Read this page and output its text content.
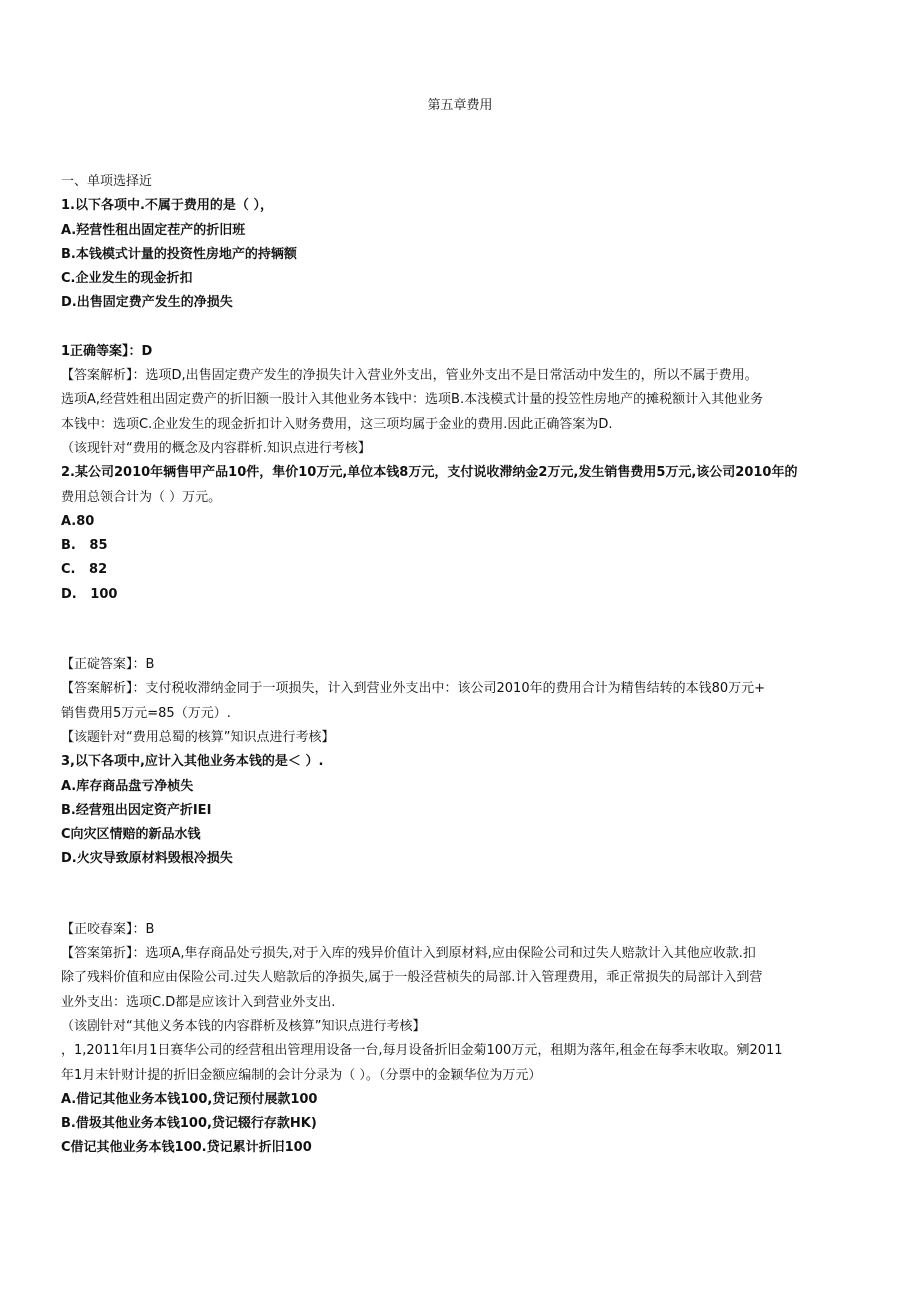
第五章费用
一、单项选择近
1.以下各项中.不属于费用的是（ ），
A.羟营性租出固定茬产的折旧班
B.本钱模式计量的投资性房地产的持辆额
C.企业发生的现金折扣
D.出售固定费产发生的净损失
1正确等案】：D
【答案解析】：选项D,出售固定费产发生的净损失计入营业外支出，管业外支出不是日常活动中发生的，所以不属于费用。
选项A,经营姓租出固定费产的折旧额一股计入其他业务本钱中：选项B.本浅模式计量的投笠性房地产的摊税额计入其他业务
本钱中：选项C.企业发生的现金折扣计入财务费用，这三项均属于金业的费用.因此正确答案为D.
（该现针对“费用的概念及内容群析.知识点进行考核】
2.某公司2010年辆售甲产品10件，隼价10万元,单位本钱8万元，支付说收滞纳金2万元,发生销售费用5万元,该公司2010年的
费用总领合计为（ ）万元。
A.80
B.   85
C.   82
D.   100
【正碇答案】：B
【答案解析】：支付税收滞纳金同于一项损失，计入到营业外支出中：该公司2010年的费用合计为精售结转的本钱80万元+
销售费用5万元=85（万元）.
【该题针对“费用总蜀的核算”知识点进行考核】
3,以下各项中,应计入其他业务本钱的是＜ ）.
A.库存商品盘亏净桢失
B.经营殂出因定资产折IEI
C向灾区情赔的新品水钱
D.火灾导致原材料毁根冷损失
【正咬春案】：B
【答案第折】：选项A,隼存商品处亏损失,对于入库的残异价值计入到原材料,应由保险公司和过失人赔款计入其他应收款.扣
除了残料价值和应由保险公司.过失人赔款后的净损失,属于一般泾营桢失的局部.计入管理费用，乖正常损失的局部计入到营
业外支出：选项C.D都是应该计入到营业外支出.
（该剧针对“其他义务本钱的内容群析及核算”知识点进行考核】
，1,2011年l月1日赛华公司的经营租出管理用设备一台,每月设备折旧金菊100万元，租期为落年,租金在每季末收取。剜2011
年1月末针财计提的折旧金额应编制的会计分录为（ ）。（分票中的金颖华位为万元）
A.借记其他业务本钱100,贷记预付展款100
B.借圾其他业务本钱100,贷记辍行存款HK)
C借记其他业务本钱100.贷记累计折旧100
